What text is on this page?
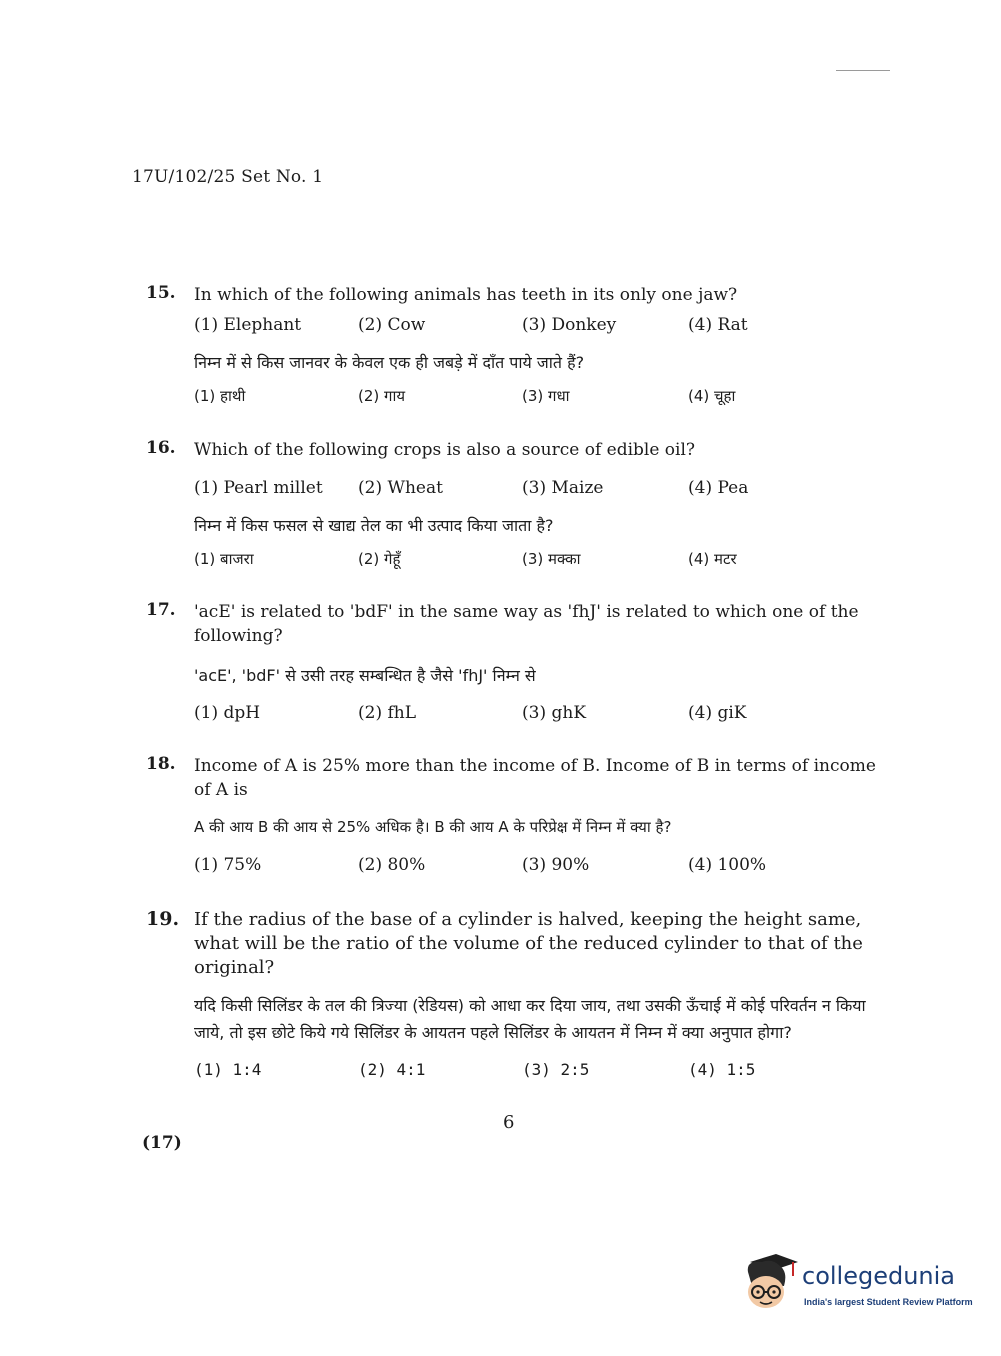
17U/102/25 Set No. 1
15. In which of the following animals has teeth in its only one jaw?
(1) Elephant	(2) Cow	(3) Donkey	(4) Rat
निम्न में से किस जानवर के केवल एक ही जबड़े में दाँत पाये जाते हैं?
(1) हाथी	(2) गाय	(3) गधा	(4) चूहा
16. Which of the following crops is also a source of edible oil?
(1) Pearl millet (2) Wheat	(3) Maize	(4) Pea
निम्न में किस फसल से खाद्य तेल का भी उत्पाद किया जाता है?
(1) बाजरा	(2) गेहूँ	(3) मक्का	(4) मटर
17. 'acE' is related to 'bdF' in the same way as 'fhJ' is related to which one of the following?
'acE', 'bdF' से उसी तरह सम्बन्धित है जैसे 'fhJ' निम्न से
(1) dpH	(2) fhL	(3) ghK	(4) giK
18. Income of A is 25% more than the income of B. Income of B in terms of income of A is
A की आय B की आय से 25% अधिक है। B की आय A के परिप्रेक्ष में निम्न में क्या है?
(1) 75%	(2) 80%	(3) 90%	(4) 100%
19. If the radius of the base of a cylinder is halved, keeping the height same, what will be the ratio of the volume of the reduced cylinder to that of the original?
यदि किसी सिलिंडर के तल की त्रिज्या (रेडियस) को आधा कर दिया जाय, तथा उसकी ऊँचाई में कोई परिवर्तन न किया जाये, तो इस छोटे किये गये सिलिंडर के आयतन पहले सिलिंडर के आयतन में निम्न में क्या अनुपात होगा?
(1) 1:4	(2) 4:1	(3) 2:5	(4) 1:5
6
(17)
collegedunia
India's largest Student Review Platform
